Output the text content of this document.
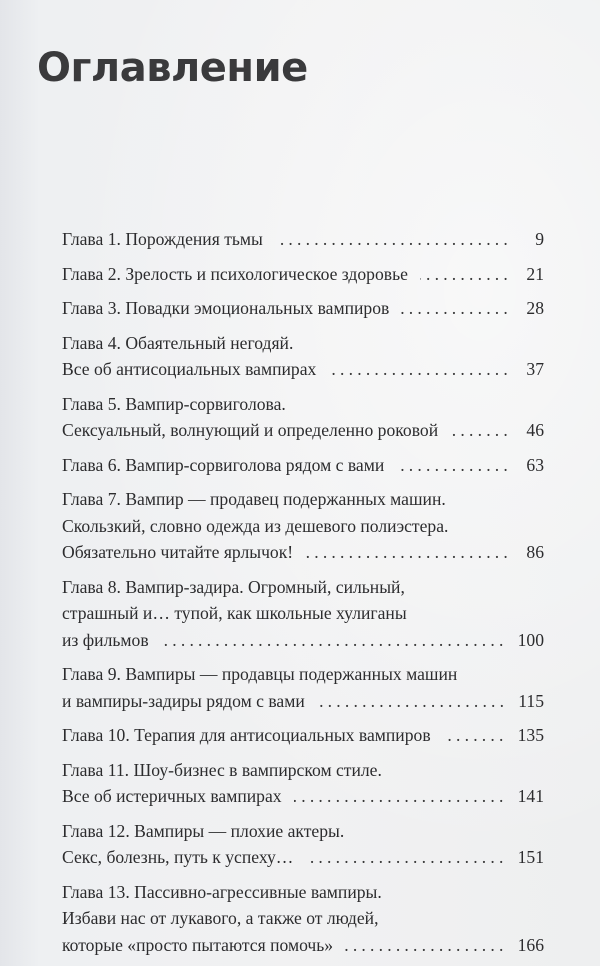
Оглавление
Глава 1. Порождения тьмы .....	9
Глава 2. Зрелость и психологическое здоровье .....	21
Глава 3. Повадки эмоциональных вампиров .....	28
Глава 4. Обаятельный негодяй.
Все об антисоциальных вампирах .....	37
Глава 5. Вампир-сорвиголова.
Сексуальный, волнующий и определенно роковой .....	46
Глава 6. Вампир-сорвиголова рядом с вами .....	63
Глава 7. Вампир — продавец подержанных машин.
Скользкий, словно одежда из дешевого полиэстера.
Обязательно читайте ярлычок! .....	86
Глава 8. Вампир-задира. Огромный, сильный,
страшный и… тупой, как школьные хулиганы
из фильмов .....	100
Глава 9. Вампиры — продавцы подержанных машин
и вампиры-задиры рядом с вами .....	115
Глава 10. Терапия для антисоциальных вампиров .....	135
Глава 11. Шоу-бизнес в вампирском стиле.
Все об истеричных вампирах .....	141
Глава 12. Вампиры — плохие актеры.
Секс, болезнь, путь к успеху… .....	151
Глава 13. Пассивно-агрессивные вампиры.
Избави нас от лукавого, а также от людей,
которые «просто пытаются помочь» .....	166
